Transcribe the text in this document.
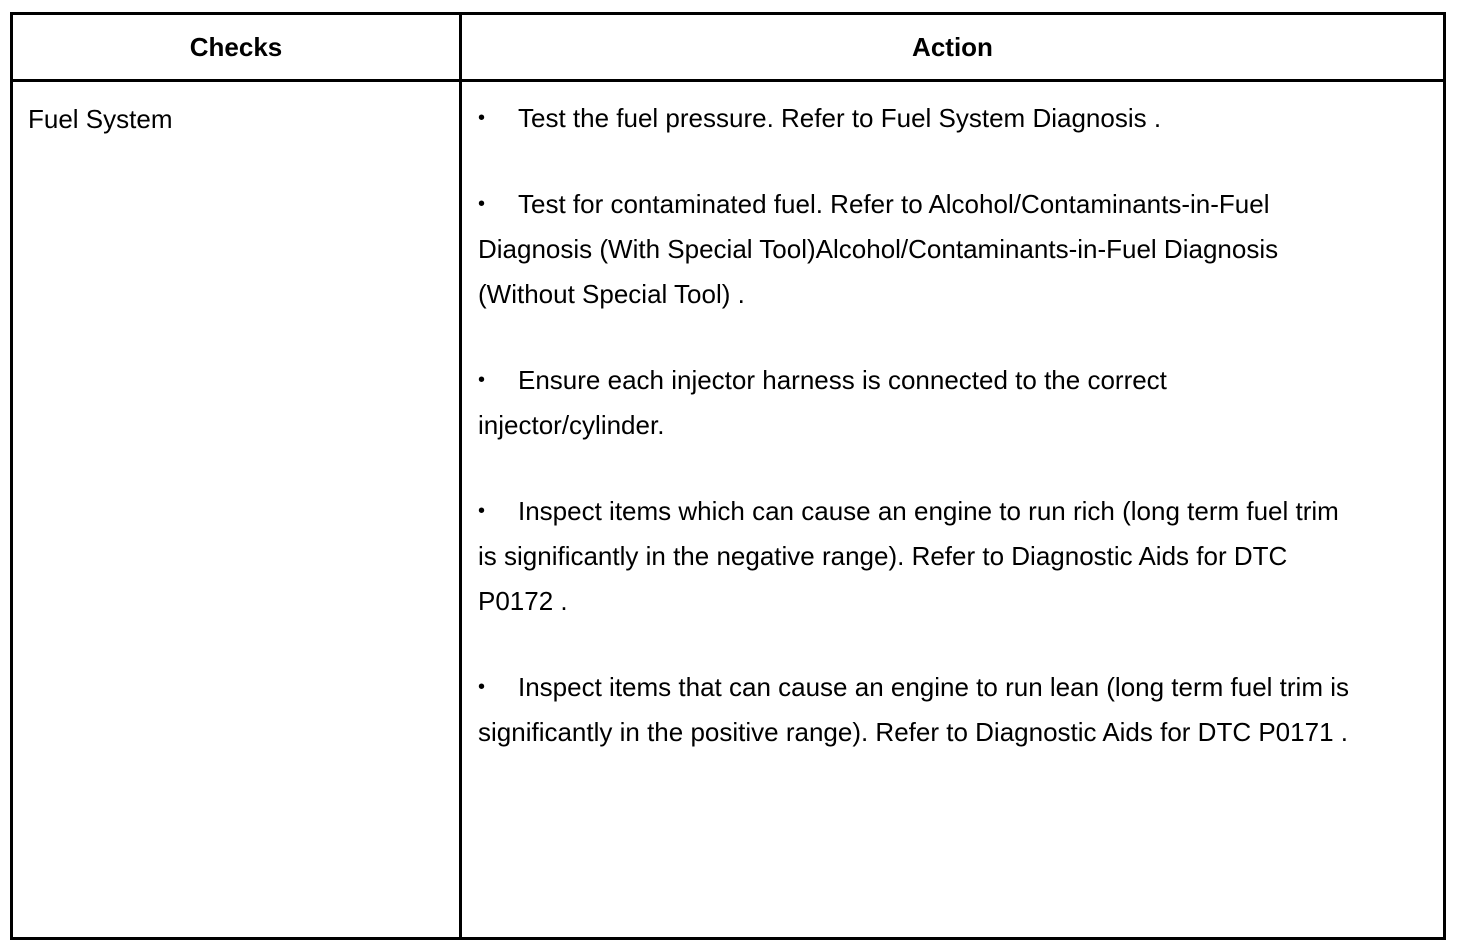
Checks	Action
Fuel System	• Test the fuel pressure. Refer to Fuel System Diagnosis .
• Test for contaminated fuel. Refer to Alcohol/Contaminants-in-Fuel Diagnosis (With Special Tool)Alcohol/Contaminants-in-Fuel Diagnosis (Without Special Tool) .
• Ensure each injector harness is connected to the correct injector/cylinder.
• Inspect items which can cause an engine to run rich (long term fuel trim is significantly in the negative range). Refer to Diagnostic Aids for DTC P0172 .
• Inspect items that can cause an engine to run lean (long term fuel trim is significantly in the positive range). Refer to Diagnostic Aids for DTC P0171 .
